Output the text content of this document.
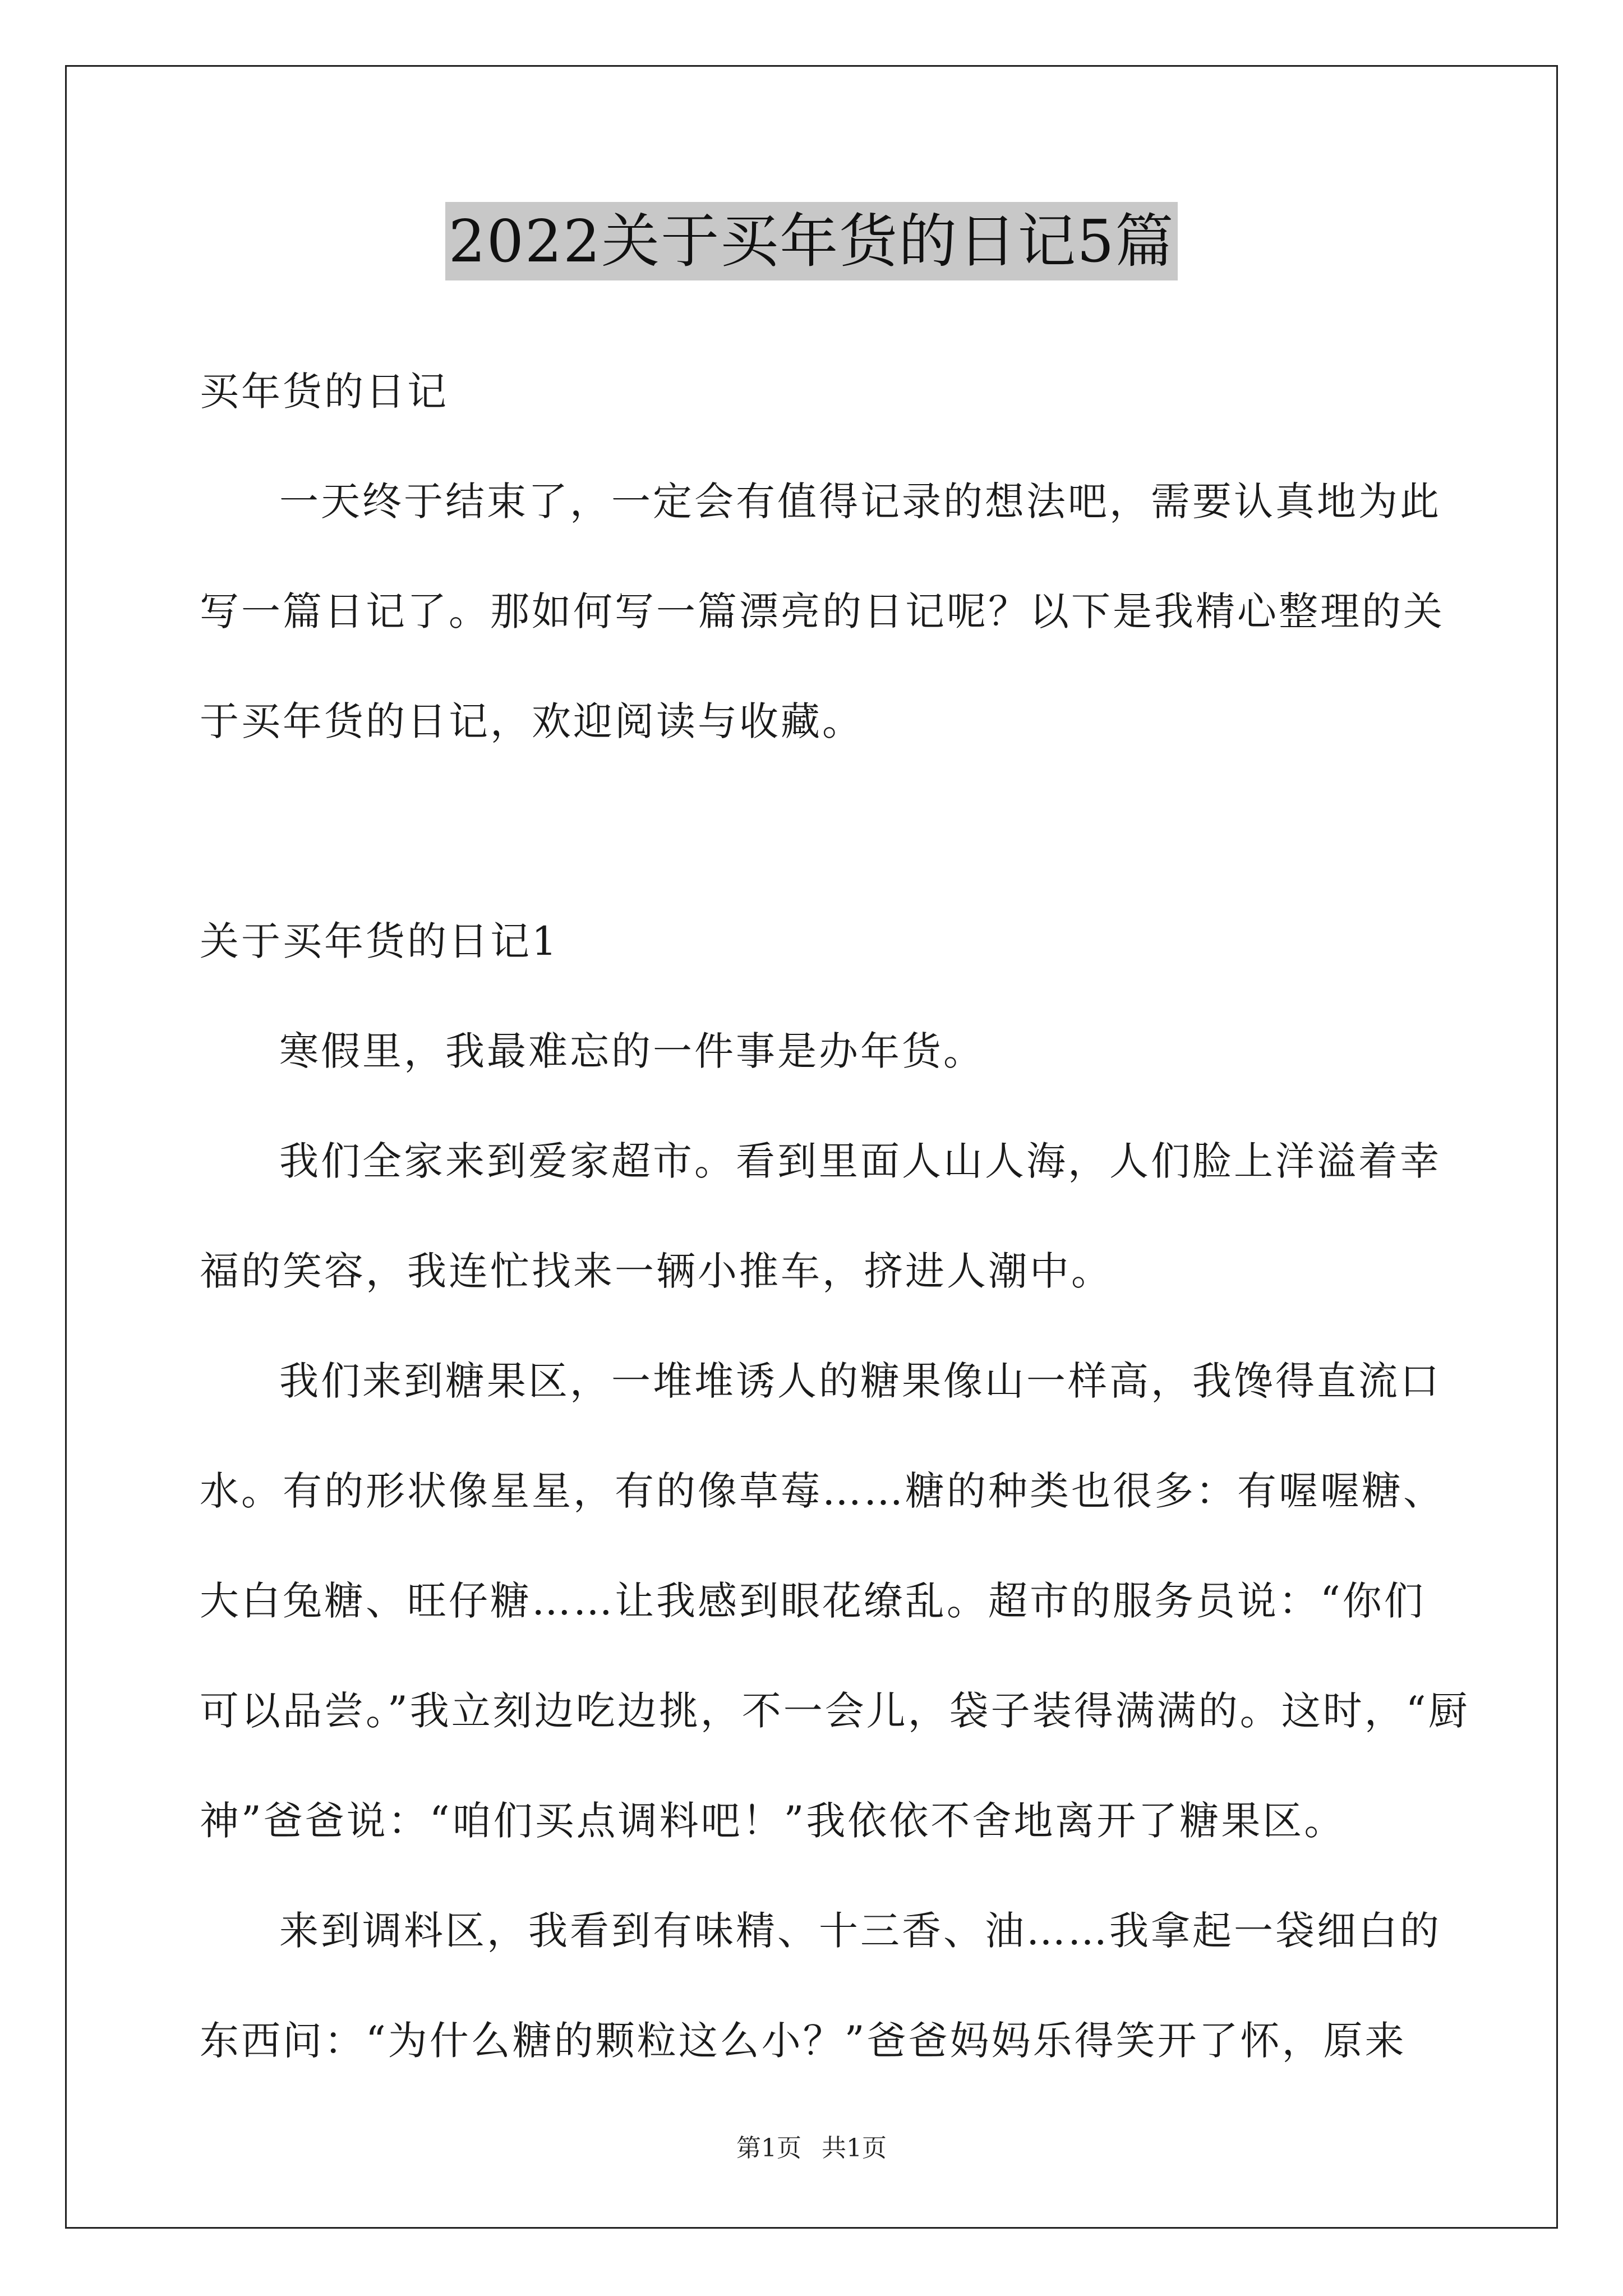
2022关于买年货的日记5篇
买年货的日记
一天终于结束了，一定会有值得记录的想法吧，需要认真地为此
写一篇日记了。那如何写一篇漂亮的日记呢？以下是我精心整理的关
于买年货的日记，欢迎阅读与收藏。
关于买年货的日记1
寒假里，我最难忘的一件事是办年货。
我们全家来到爱家超市。看到里面人山人海，人们脸上洋溢着幸
福的笑容，我连忙找来一辆小推车，挤进人潮中。
我们来到糖果区，一堆堆诱人的糖果像山一样高，我馋得直流口
水。有的形状像星星，有的像草莓……糖的种类也很多：有喔喔糖、
大白兔糖、旺仔糖……让我感到眼花缭乱。超市的服务员说：“你们
可以品尝。”我立刻边吃边挑，不一会儿，袋子装得满满的。这时，“厨
神”爸爸说：“咱们买点调料吧！”我依依不舍地离开了糖果区。
来到调料区，我看到有味精、十三香、油……我拿起一袋细白的
东西问：“为什么糖的颗粒这么小？”爸爸妈妈乐得笑开了怀，原来
第1页 共1页
